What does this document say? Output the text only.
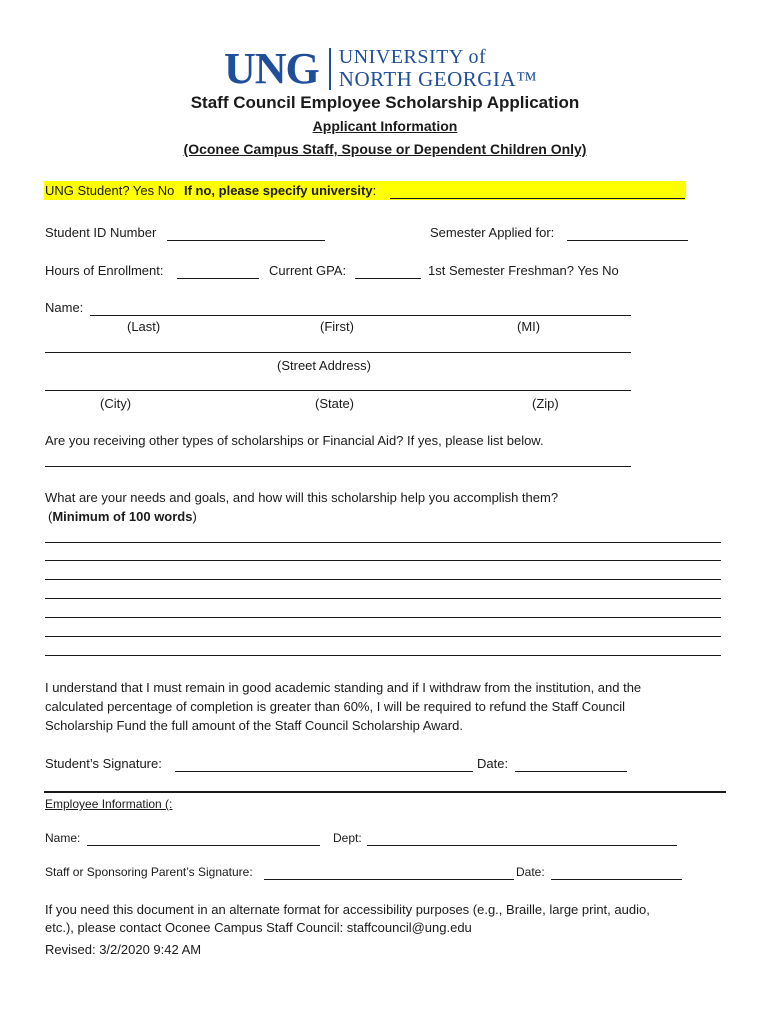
UNG UNIVERSITY of
NORTH GEORGIA™
Staff Council Employee Scholarship Application
Applicant Information
(Oconee Campus Staff, Spouse or Dependent Children Only)
UNG Student? Yes No If no, please specify university:
Student ID Number	Semester Applied for:
Hours of Enrollment:	Current GPA:	1st Semester Freshman? Yes No
Name:
(Last)	(First)	(MI)
(Street Address)
(City)	(State)	(Zip)
Are you receiving other types of scholarships or Financial Aid? If yes, please list below.
What are your needs and goals, and how will this scholarship help you accomplish them?
(Minimum of 100 words)
I understand that I must remain in good academic standing and if I withdraw from the institution, and the
calculated percentage of completion is greater than 60%, I will be required to refund the Staff Council
Scholarship Fund the full amount of the Staff Council Scholarship Award.
Student’s Signature:	Date:
Employee Information (:
Name:	Dept:
Staff or Sponsoring Parent’s Signature:	Date:
If you need this document in an alternate format for accessibility purposes (e.g., Braille, large print, audio,
etc.), please contact Oconee Campus Staff Council: staffcouncil@ung.edu
Revised: 3/2/2020 9:42 AM
